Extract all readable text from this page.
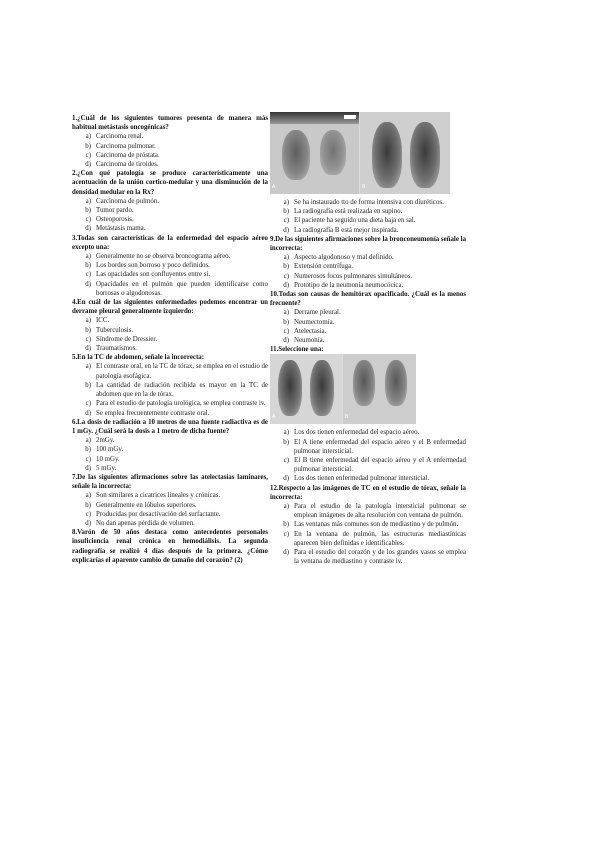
1.¿Cuál de los siguientes tumores presenta de manera más habitual metástasis oncogénicas?
a) Carcinoma renal.
b) Carcinoma pulmonar.
c) Carcinoma de próstata.
d) Carcinoma de tiroides.
2.¿Con qué patología se produce característicamente una acentuación de la unión cortico-medular y una disminución de la densidad medular en la Rx?
a) Carcinoma de pulmón.
b) Tumor pardo.
c) Osteoporosis.
d) Metástasis mama.
3.Todas son características de la enfermedad del espacio aéreo excepto una:
a) Generalmente no se observa broncograma aéreo.
b) Los bordes son borroso y poco definidos.
c) Las opacidades son confluyentes entre sí.
d) Opacidades en el pulmón que pueden identificarse como borrosas o algodonosas.
4.En cuál de las siguientes enfermedades podemos encontrar un derrame pleural generalmente izquierdo:
a) ICC.
b) Tuberculosis.
c) Síndrome de Dressier.
d) Traumatismos.
5.En la TC de abdomen, señale la incorrecta:
a) El contraste oral, en la TC de tórax, se emplea en el estudio de patología esofágica.
b) La cantidad de radiación recibida es mayor en la TC de abdomen que en la de tórax.
c) Para el estudio de patología urológica, se emplea contraste iv.
d) Se emplea frecuentemente contraste oral.
6.La dosis de radiación a 10 metros de una fuente radiactiva es de 1 mGy. ¿Cuál será la dosis a 1 metro de dicha fuente?
a) 2mGy.
b) 100 mGy.
c) 10 mGy.
d) 5 mGy.
7.De las siguientes afirmaciones sobre las atelectasias laminares, señale la incorrecta:
a) Son similares a cicatrices lineales y crónicas.
b) Generalmente en lóbulos superiores.
c) Producidas por desactivación del surfactante.
d) No dan apenas pérdida de volumen.
8.Varón de 50 años destaca como antecedentes personales insuficiencia renal crónica en hemodiálisis. La segunda radiografía se realizó 4 días después de la primera. ¿Cómo explicarías el aparente cambio de tamaño del corazón? (2)
A	B
a) Se ha instaurado tto de forma intensiva con diuréticos.
b) La radiografía está realizada en supino.
c) El paciente ha seguido una dieta baja en sal.
d) La radiografía B está mejor inspirada.
9.De las siguientes afirmaciones sobre la bronconeumonía señale la incorrecta:
a) Aspecto algodonoso y mal definido.
b) Extensión centrífuga.
c) Numerosos focos pulmonares simultáneos.
d) Prototipo de la neumonía neumocócica.
10.Todas son causas de hemitórax opacificado. ¿Cuál es la menos frecuente?
a) Derrame pleural.
b) Neumectomía.
c) Atelectasia.
d) Neumonía.
11.Seleccione una:
A	B
a) Los dos tienen enfermedad del espacio aéreo.
b) El A tiene enfermedad del espacio aéreo y el B enfermedad pulmonar intersticial.
c) El B tiene enfermedad del espacio aéreo y el A enfermedad pulmonar intersticial.
d) Los dos tienen enfermedad pulmonar intersticial.
12.Respecto a las imágenes de TC en el estudio de tórax, señale la incorrecta:
a) Para el estudio de la patología intersticial pulmonar se emplean imágenes de alta resolución con ventana de pulmón.
b) Las ventanas más comunes son de mediastino y de pulmón.
c) En la ventana de pulmón, las estructuras mediastínicas aparecen bien definidas e identificables.
d) Para el estudio del corazón y de los grandes vasos se emplea la ventana de mediastino y contraste iv.
